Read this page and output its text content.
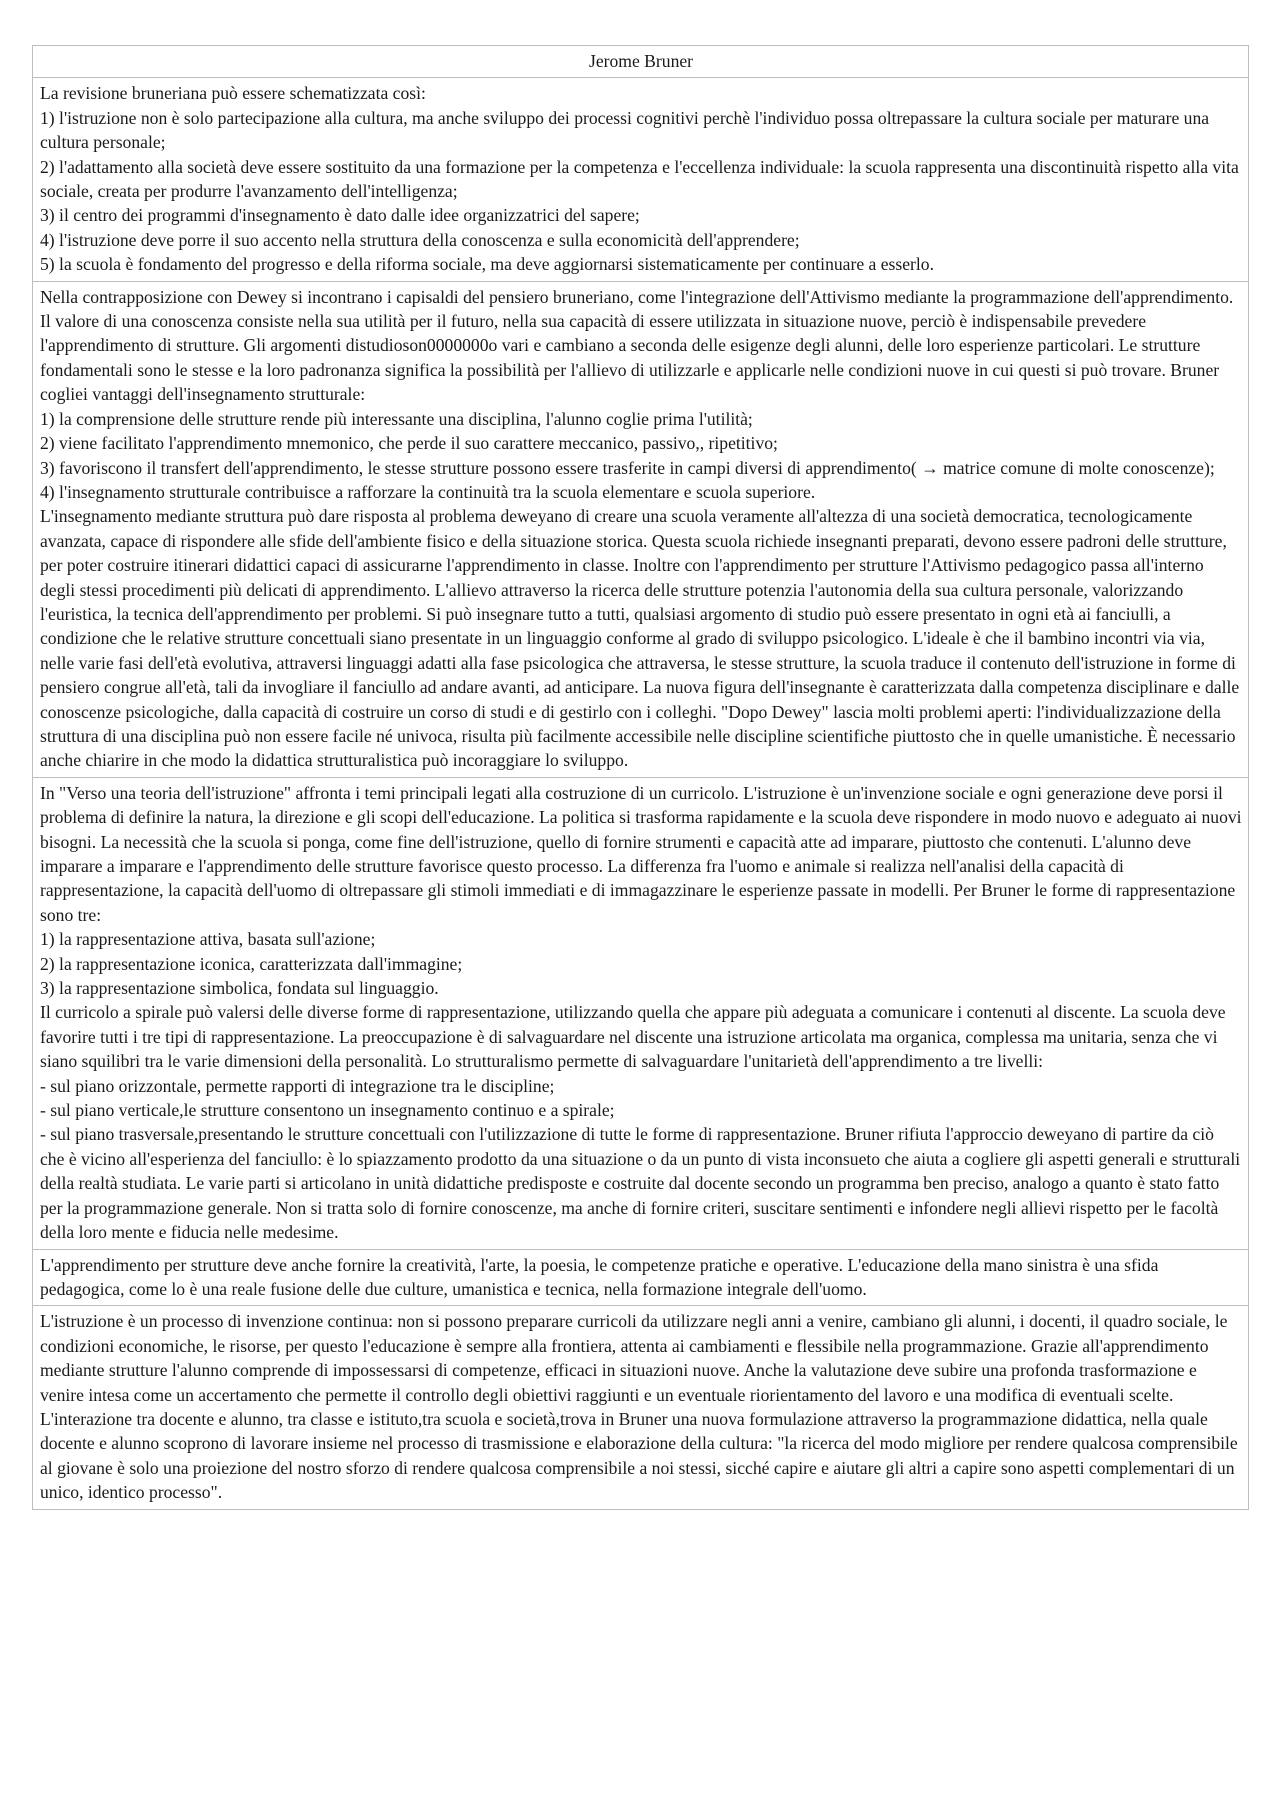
Jerome Bruner

La revisione bruneriana può essere schematizzata così:
1) l'istruzione non è solo partecipazione alla cultura, ma anche sviluppo dei processi cognitivi perchè l'individuo possa oltrepassare la cultura sociale per maturare una cultura personale;
2) l'adattamento alla società deve essere sostituito da una formazione per la competenza e l'eccellenza individuale: la scuola rappresenta una discontinuità rispetto alla vita sociale, creata per produrre l'avanzamento dell'intelligenza;
3) il centro dei programmi d'insegnamento è dato dalle idee organizzatrici del sapere;
4) l'istruzione deve porre il suo accento nella struttura della conoscenza e sulla economicità dell'apprendere;
5) la scuola è fondamento del progresso e della riforma sociale, ma deve aggiornarsi sistematicamente per continuare a esserlo.

Nella contrapposizione con Dewey si incontrano i capisaldi del pensiero bruneriano, come l'integrazione dell'Attivismo mediante la programmazione dell'apprendimento. Il valore di una conoscenza consiste nella sua utilità per il futuro, nella sua capacità di essere utilizzata in situazione nuove, perciò è indispensabile prevedere l'apprendimento di strutture. Gli argomenti distudioson0000000o vari e cambiano a seconda delle esigenze degli alunni, delle loro esperienze particolari. Le strutture fondamentali sono le stesse e la loro padronanza significa la possibilità per l'allievo di utilizzarle e applicarle nelle condizioni nuove in cui questi si può trovare. Bruner cogliei vantaggi dell'insegnamento strutturale:
1) la comprensione delle strutture rende più interessante una disciplina, l'alunno coglie prima l'utilità;
2) viene facilitato l'apprendimento mnemonico, che perde il suo carattere meccanico, passivo,, ripetitivo;
3) favoriscono il transfert dell'apprendimento, le stesse strutture possono essere trasferite in campi diversi di apprendimento( → matrice comune di molte conoscenze);
4) l'insegnamento strutturale contribuisce a rafforzare la continuità tra la scuola elementare e scuola superiore.
L'insegnamento mediante struttura può dare risposta al problema deweyano di creare una scuola veramente all'altezza di una società democratica, tecnologicamente avanzata, capace di rispondere alle sfide dell'ambiente fisico e della situazione storica. Questa scuola richiede insegnanti preparati, devono essere padroni delle strutture, per poter costruire itinerari didattici capaci di assicurarne l'apprendimento in classe. Inoltre con l'apprendimento per strutture l'Attivismo pedagogico passa all'interno degli stessi procedimenti più delicati di apprendimento. L'allievo attraverso la ricerca delle strutture potenzia l'autonomia della sua cultura personale, valorizzando l'euristica, la tecnica dell'apprendimento per problemi. Si può insegnare tutto a tutti, qualsiasi argomento di studio può essere presentato in ogni età ai fanciulli, a condizione che le relative strutture concettuali siano presentate in un linguaggio conforme al grado di sviluppo psicologico. L'ideale è che il bambino incontri via via, nelle varie fasi dell'età evolutiva, attraversi linguaggi adatti alla fase psicologica che attraversa, le stesse strutture, la scuola traduce il contenuto dell'istruzione in forme di pensiero congrue all'età, tali da invogliare il fanciullo ad andare avanti, ad anticipare. La nuova figura dell'insegnante è caratterizzata dalla competenza disciplinare e dalle conoscenze psicologiche, dalla capacità di costruire un corso di studi e di gestirlo con i colleghi. "Dopo Dewey" lascia molti problemi aperti: l'individualizzazione della struttura di una disciplina può non essere facile né univoca, risulta più facilmente accessibile nelle discipline scientifiche piuttosto che in quelle umanistiche. È necessario anche chiarire in che modo la didattica strutturalistica può incoraggiare lo sviluppo.

In "Verso una teoria dell'istruzione" affronta i temi principali legati alla costruzione di un curricolo. L'istruzione è un'invenzione sociale e ogni generazione deve porsi il problema di definire la natura, la direzione e gli scopi dell'educazione. La politica si trasforma rapidamente e la scuola deve rispondere in modo nuovo e adeguato ai nuovi bisogni. La necessità che la scuola si ponga, come fine dell'istruzione, quello di fornire strumenti e capacità atte ad imparare, piuttosto che contenuti. L'alunno deve imparare a imparare e l'apprendimento delle strutture favorisce questo processo. La differenza fra l'uomo e animale si realizza nell'analisi della capacità di rappresentazione, la capacità dell'uomo di oltrepassare gli stimoli immediati e di immagazzinare le esperienze passate in modelli. Per Bruner le forme di rappresentazione sono tre:
1) la rappresentazione attiva, basata sull'azione;
2) la rappresentazione iconica, caratterizzata dall'immagine;
3) la rappresentazione simbolica, fondata sul linguaggio.
Il curricolo a spirale può valersi delle diverse forme di rappresentazione, utilizzando quella che appare più adeguata a comunicare i contenuti al discente. La scuola deve favorire tutti i tre tipi di rappresentazione. La preoccupazione è di salvaguardare nel discente una istruzione articolata ma organica, complessa ma unitaria, senza che vi siano squilibri tra le varie dimensioni della personalità. Lo strutturalismo permette di salvaguardare l'unitarietà dell'apprendimento a tre livelli:
- sul piano orizzontale, permette rapporti di integrazione tra le discipline;
- sul piano verticale,le strutture consentono un insegnamento continuo e a spirale;
- sul piano trasversale,presentando le strutture concettuali con l'utilizzazione di tutte le forme di rappresentazione. Bruner rifiuta l'approccio deweyano di partire da ciò che è vicino all'esperienza del fanciullo: è lo spiazzamento prodotto da una situazione o da un punto di vista inconsueto che aiuta a cogliere gli aspetti generali e strutturali della realtà studiata. Le varie parti si articolano in unità didattiche predisposte e costruite dal docente secondo un programma ben preciso, analogo a quanto è stato fatto per la programmazione generale. Non si tratta solo di fornire conoscenze, ma anche di fornire criteri, suscitare sentimenti e infondere negli allievi rispetto per le facoltà della loro mente e fiducia nelle medesime.

L'apprendimento per strutture deve anche fornire la creatività, l'arte, la poesia, le competenze pratiche e operative. L'educazione della mano sinistra è una sfida pedagogica, come lo è una reale fusione delle due culture, umanistica e tecnica, nella formazione integrale dell'uomo.

L'istruzione è un processo di invenzione continua: non si possono preparare curricoli da utilizzare negli anni a venire, cambiano gli alunni, i docenti, il quadro sociale, le condizioni economiche, le risorse, per questo l'educazione è sempre alla frontiera, attenta ai cambiamenti e flessibile nella programmazione. Grazie all'apprendimento mediante strutture l'alunno comprende di impossessarsi di competenze, efficaci in situazioni nuove. Anche la valutazione deve subire una profonda trasformazione e venire intesa come un accertamento che permette il controllo degli obiettivi raggiunti e un eventuale riorientamento del lavoro e una modifica di eventuali scelte. L'interazione tra docente e alunno, tra classe e istituto,tra scuola e società,trova in Bruner una nuova formulazione attraverso la programmazione didattica, nella quale docente e alunno scoprono di lavorare insieme nel processo di trasmissione e elaborazione della cultura: "la ricerca del modo migliore per rendere qualcosa comprensibile al giovane è solo una proiezione del nostro sforzo di rendere qualcosa comprensibile a noi stessi, sicché capire e aiutare gli altri a capire sono aspetti complementari di un unico, identico processo".
